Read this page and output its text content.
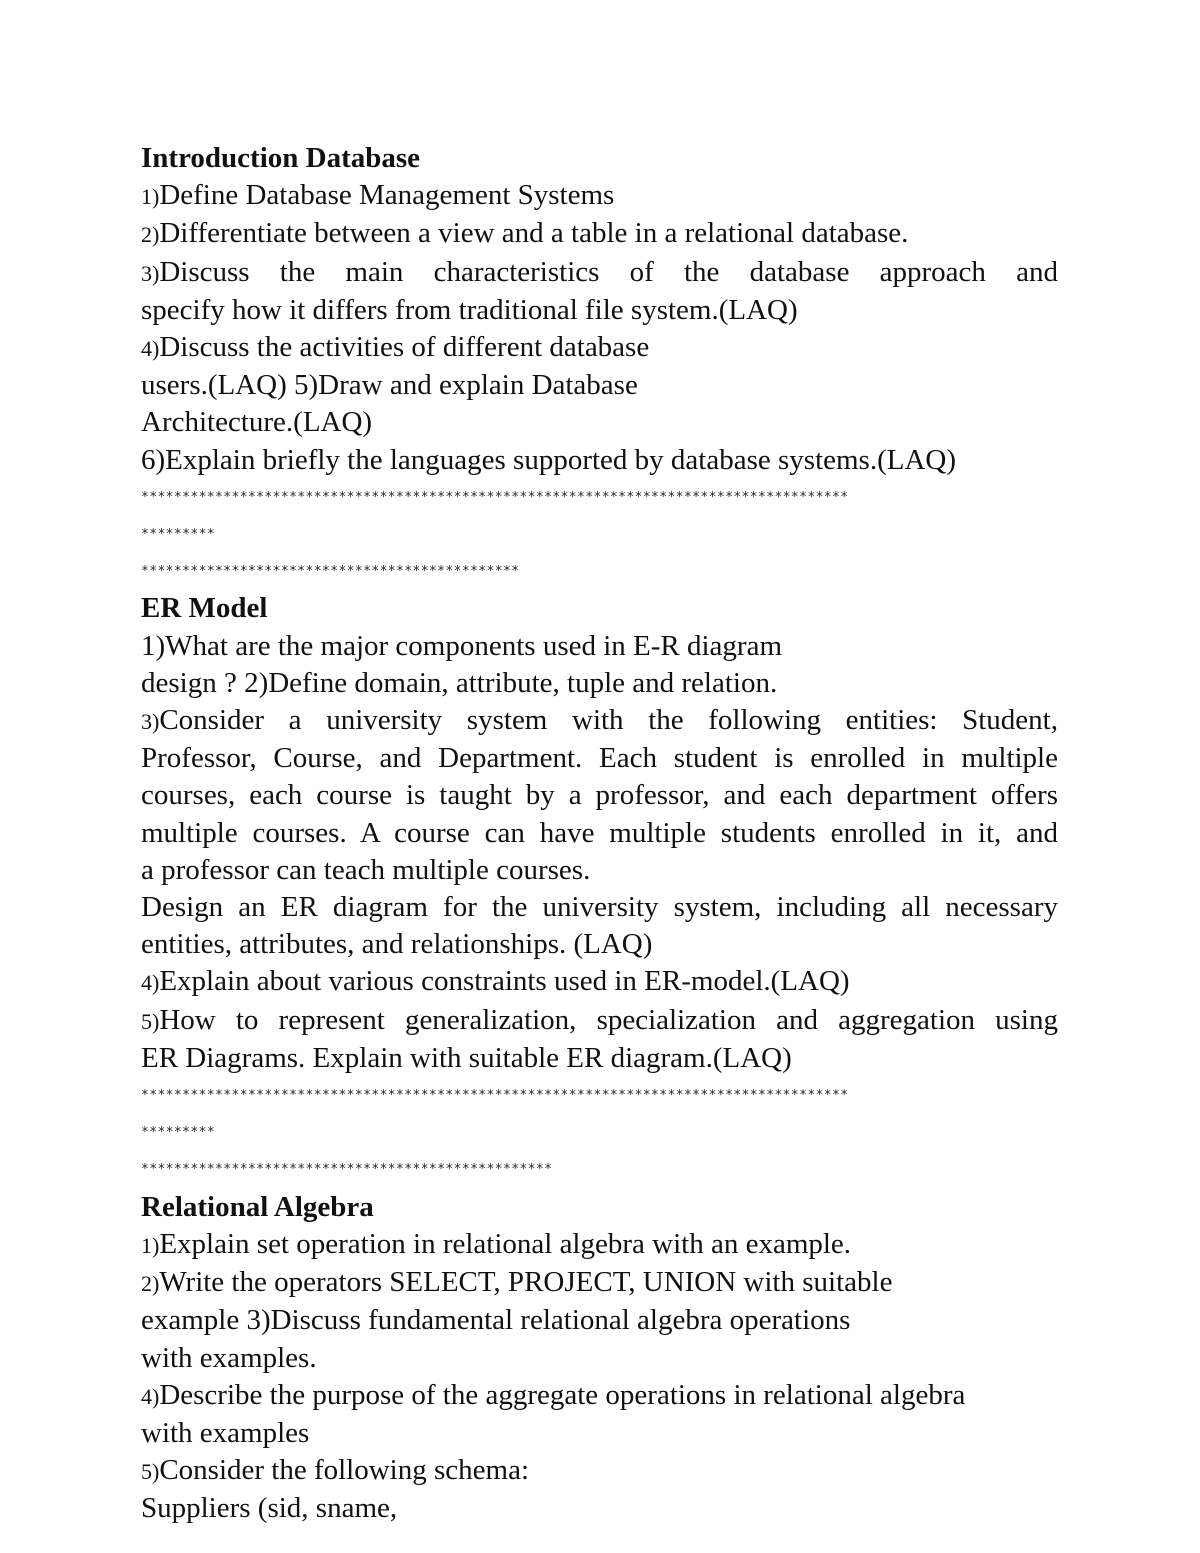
Introduction Database
1)Define Database Management Systems
2)Differentiate between a view and a table in a relational database.
3)Discuss the main characteristics of the database approach and
specify how it differs from traditional file system.(LAQ)
4)Discuss the activities of different database
users.(LAQ) 5)Draw and explain Database
Architecture.(LAQ)
6)Explain briefly the languages supported by database systems.(LAQ)
**************************************************************************************
*********
**********************************************
ER Model
1)What are the major components used in E-R diagram
design ? 2)Define domain, attribute, tuple and relation.
3)Consider a university system with the following entities: Student,
Professor, Course, and Department. Each student is enrolled in multiple
courses, each course is taught by a professor, and each department offers
multiple courses. A course can have multiple students enrolled in it, and
a professor can teach multiple courses.
Design an ER diagram for the university system, including all necessary
entities, attributes, and relationships. (LAQ)
4)Explain about various constraints used in ER-model.(LAQ)
5)How to represent generalization, specialization and aggregation using
ER Diagrams. Explain with suitable ER diagram.(LAQ)
**************************************************************************************
*********
**************************************************
Relational Algebra
1)Explain set operation in relational algebra with an example.
2)Write the operators SELECT, PROJECT, UNION with suitable
example 3)Discuss fundamental relational algebra operations
with examples.
4)Describe the purpose of the aggregate operations in relational algebra
with examples
5)Consider the following schema:
Suppliers (sid, sname,
